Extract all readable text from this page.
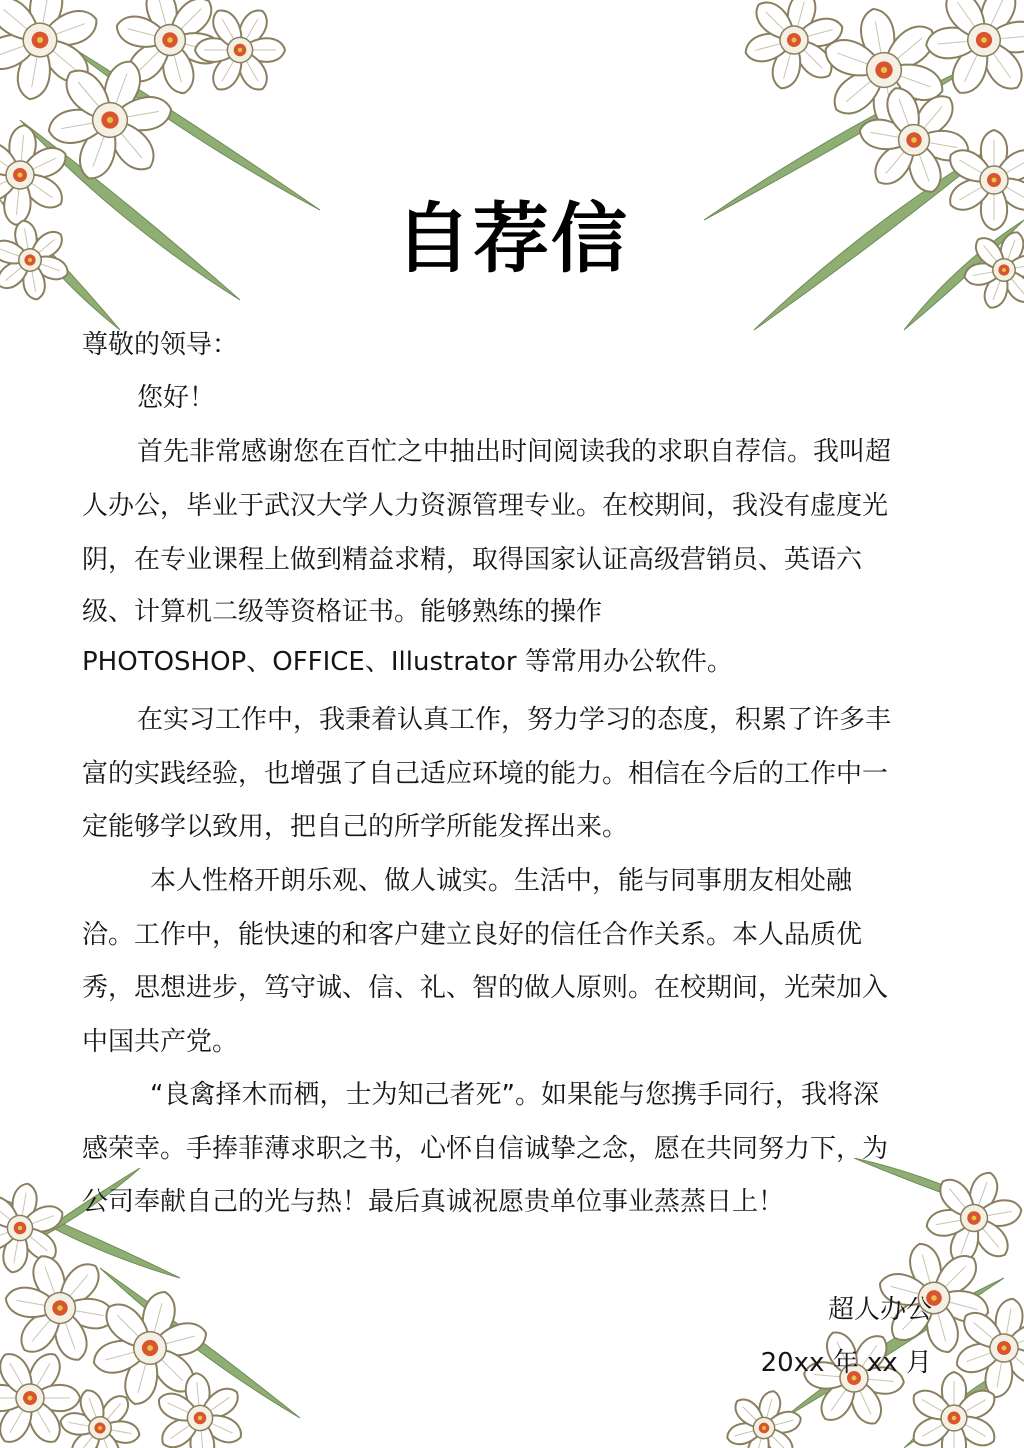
自荐信
尊敬的领导：
您好！
首先非常感谢您在百忙之中抽出时间阅读我的求职自荐信。我叫超
人办公，毕业于武汉大学人力资源管理专业。在校期间，我没有虚度光
阴，在专业课程上做到精益求精，取得国家认证高级营销员、英语六
级、计算机二级等资格证书。能够熟练的操作
PHOTOSHOP、OFFICE、Illustrator 等常用办公软件。
在实习工作中，我秉着认真工作，努力学习的态度，积累了许多丰
富的实践经验，也增强了自己适应环境的能力。相信在今后的工作中一
定能够学以致用，把自己的所学所能发挥出来。
本人性格开朗乐观、做人诚实。生活中，能与同事朋友相处融
洽。工作中，能快速的和客户建立良好的信任合作关系。本人品质优
秀，思想进步，笃守诚、信、礼、智的做人原则。在校期间，光荣加入
中国共产党。
“良禽择木而栖，士为知己者死”。如果能与您携手同行，我将深
感荣幸。手捧菲薄求职之书，心怀自信诚挚之念，愿在共同努力下，为
公司奉献自己的光与热！最后真诚祝愿贵单位事业蒸蒸日上！
超人办公
20xx 年 xx 月
